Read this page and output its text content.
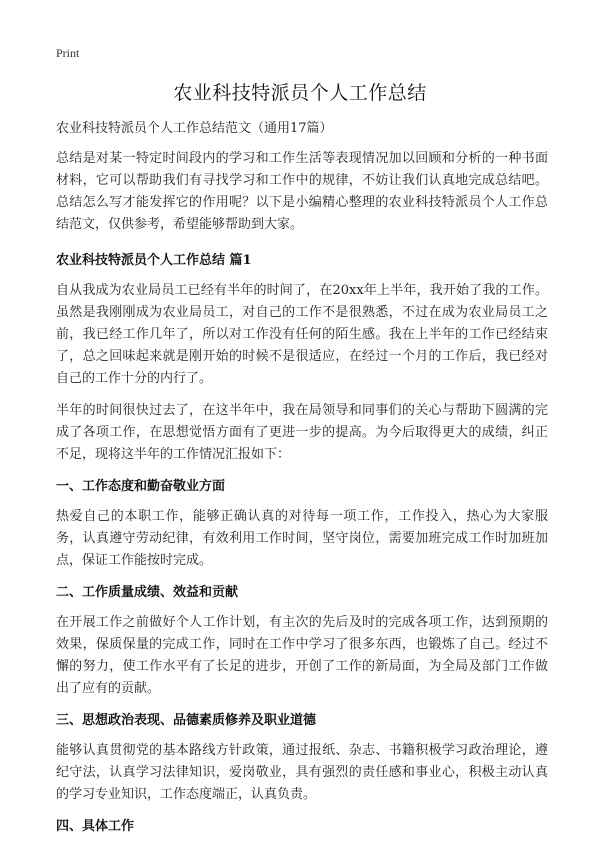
Print
农业科技特派员个人工作总结

农业科技特派员个人工作总结范文（通用17篇）

总结是对某一特定时间段内的学习和工作生活等表现情况加以回顾和分析的一种书面材料，它可以帮助我们有寻找学习和工作中的规律，不妨让我们认真地完成总结吧。总结怎么写才能发挥它的作用呢？以下是小编精心整理的农业科技特派员个人工作总结范文，仅供参考，希望能够帮助到大家。

农业科技特派员个人工作总结 篇1

自从我成为农业局员工已经有半年的时间了，在20xx年上半年，我开始了我的工作。虽然是我刚刚成为农业局员工，对自己的工作不是很熟悉，不过在成为农业局员工之前，我已经工作几年了，所以对工作没有任何的陌生感。我在上半年的工作已经结束了，总之回味起来就是刚开始的时候不是很适应，在经过一个月的工作后，我已经对自己的工作十分的内行了。

半年的时间很快过去了，在这半年中，我在局领导和同事们的关心与帮助下圆满的完成了各项工作，在思想觉悟方面有了更进一步的提高。为今后取得更大的成绩，纠正不足，现将这半年的工作情况汇报如下：

一、工作态度和勤奋敬业方面

热爱自己的本职工作，能够正确认真的对待每一项工作，工作投入，热心为大家服务，认真遵守劳动纪律，有效利用工作时间，坚守岗位，需要加班完成工作时加班加点，保证工作能按时完成。

二、工作质量成绩、效益和贡献

在开展工作之前做好个人工作计划，有主次的先后及时的完成各项工作，达到预期的效果，保质保量的完成工作，同时在工作中学习了很多东西，也锻炼了自己。经过不懈的努力，使工作水平有了长足的进步，开创了工作的新局面，为全局及部门工作做出了应有的贡献。

三、思想政治表现、品德素质修养及职业道德

能够认真贯彻党的基本路线方针政策，通过报纸、杂志、书籍积极学习政治理论，遵纪守法，认真学习法律知识，爱岗敬业，具有强烈的责任感和事业心，积极主动认真的学习专业知识，工作态度端正，认真负责。

四、具体工作
